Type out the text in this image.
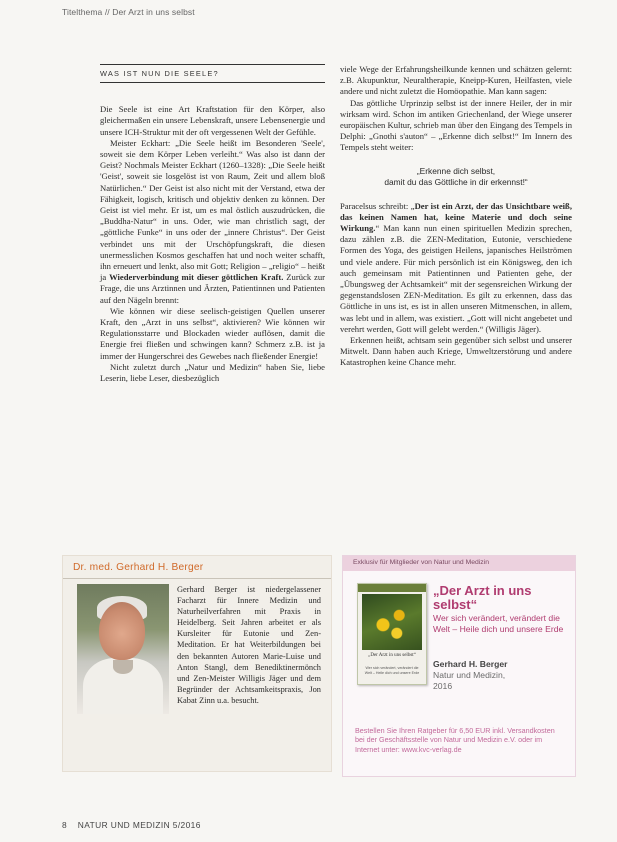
Titelthema // Der Arzt in uns selbst
WAS IST NUN DIE SEELE?

Die Seele ist eine Art Kraftstation für den Körper, also gleichermaßen ein unsere Lebenskraft, unsere Lebensenergie und unsere ICH-Struktur mit der oft vergessenen Welt der Gefühle.

Meister Eckhart: „Die Seele heißt im Besonderen 'Seele', soweit sie dem Körper Leben verleiht.“ Was also ist dann der Geist? Nochmals Meister Eckhart (1260–1328): „Die Seele heißt 'Geist', soweit sie losgelöst ist von Raum, Zeit und allem bloß Natürlichen.“ Der Geist ist also nicht mit der Verstand, etwa der Fähigkeit, logisch, kritisch und objektiv denken zu können. Der Geist ist viel mehr. Er ist, um es mal östlich auszudrücken, die „Buddha-Natur“ in uns. Oder, wie man christlich sagt, der „göttliche Funke“ in uns oder der „innere Christus“. Der Geist verbindet uns mit der Urschöpfungskraft, die diesen unermesslichen Kosmos geschaffen hat und noch weiter schafft, ihn erneuert und lenkt, also mit Gott; Religion – „religio“ – heißt ja Wiederverbindung mit dieser göttlichen Kraft. Zurück zur Frage, die uns Arztinnen und Ärzten, Patientinnen und Patienten auf den Nägeln brennt:

Wie können wir diese seelisch-geistigen Quellen unserer Kraft, den „Arzt in uns selbst“, aktivieren? Wie können wir Regulationsstarre und Blockaden wieder auflösen, damit die Energie frei fließen und schwingen kann? Schmerz z.B. ist ja immer der Hungerschrei des Gewebes nach fließender Energie!

Nicht zuletzt durch „Natur und Medizin“ haben Sie, liebe Leserin, liebe Leser, diesbezüglich

viele Wege der Erfahrungsheilkunde kennen und schätzen gelernt: z.B. Akupunktur, Neuraltherapie, Kneipp-Kuren, Heilfasten, viele andere und nicht zuletzt die Homöopathie. Man kann sagen:

Das göttliche Urprinzip selbst ist der innere Heiler, der in mir wirksam wird. Schon im antiken Griechenland, der Wiege unserer europäischen Kultur, schrieb man über den Eingang des Tempels in Delphi: „Gnothi s'auton“ – „Erkenne dich selbst!“ Im Innern des Tempels steht weiter:

„Erkenne dich selbst,
damit du das Göttliche in dir erkennst!“

Paracelsus schreibt: „Der ist ein Arzt, der das Unsichtbare weiß, das keinen Namen hat, keine Materie und doch seine Wirkung.“ Man kann nun einen spirituellen Medizin sprechen, dazu zählen z.B. die ZEN-Meditation, Eutonie, verschiedene Formen des Yoga, des geistigen Heilens, japanisches Heilströmen und viele andere. Für mich persönlich ist ein Königsweg, den ich auch gemeinsam mit Patientinnen und Patienten gehe, der „Übungsweg der Achtsamkeit“ mit der segensreichen Wirkung der gegenstandslosen ZEN-Meditation. Es gilt zu erkennen, dass das Göttliche in uns ist, es ist in allen unseren Mitmenschen, in allem, was lebt und in allem, was existiert. „Gott will nicht angebetet und verehrt werden, Gott will gelebt werden.“ (Willigis Jäger).

Erkennen heißt, achtsam sein gegenüber sich selbst und unserer Mitwelt. Dann haben auch Kriege, Umweltzerstörung und andere Katastrophen keine Chance mehr.

Dr. med. Gerhard H. Berger
Gerhard Berger ist niedergelassener Facharzt für Innere Medizin und Naturheilverfahren mit Praxis in Heidelberg. Seit Jahren arbeitet er als Kursleiter für Eutonie und Zen-Meditation. Er hat Weiterbildungen bei den bekannten Autoren Marie-Luise und Anton Stangl, dem Benediktinermönch und Zen-Meister Willigis Jäger und dem Begründer der Achtsamkeitspraxis, Jon Kabat Zinn u.a. besucht.
Exklusiv für Mitglieder von Natur und Medizin
„Der Arzt in uns selbst“
Wer sich verändert, verändert die Welt – Heile dich und unsere Erde
„Der Arzt in uns selbst“
Wer sich verändert, verändert die Welt – Heile dich und unsere Erde
Gerhard H. Berger
Natur und Medizin,
2016
Bestellen Sie Ihren Ratgeber für 6,50 EUR inkl. Versandkosten bei der Geschäftsstelle von Natur und Medizin e.V. oder im Internet unter: www.kvc-verlag.de
8 NATUR UND MEDIZIN 5/2016
